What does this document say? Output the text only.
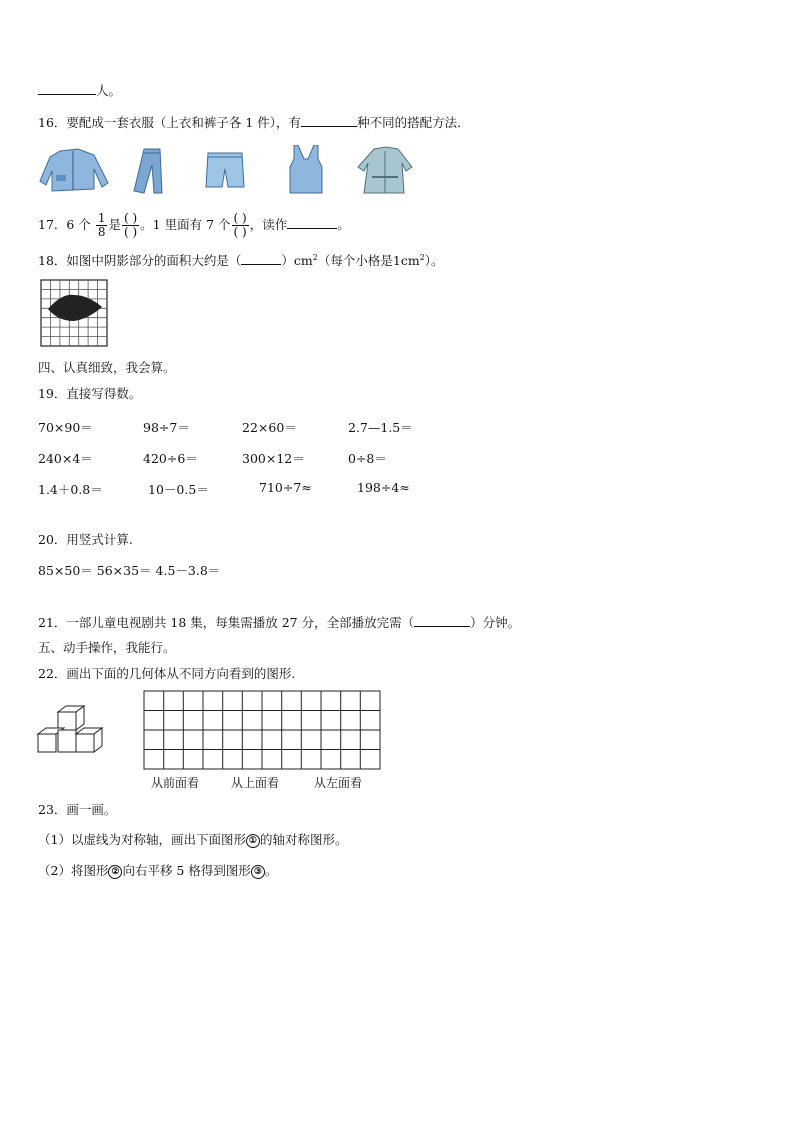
人。
16．要配成一套衣服（上衣和裤子各 1 件），有	种不同的搭配方法．
17．6 个 $\frac{1}{8}$ 是 $\frac{( )}{( )}$ 。1 里面有 7 个 $\frac{( )}{( )}$ ，读作	。
18．如图中阴影部分的面积大约是（	）$cm^2$（每个小格是$1cm^2$）。
四、认真细致，我会算。
19．直接写得数。
70×90＝	98÷7＝	22×60＝	2.7—1.5＝
240×4＝	420÷6＝	300×12＝	0÷8＝
1.4＋0.8＝	10－0.5＝	710÷7≈	198÷4≈
20．用竖式计算.
85×50＝ 56×35＝ 4.5－3.8＝
21．一部儿童电视剧共 18 集，每集需播放 27 分，全部播放完需（	）分钟。
五、动手操作，我能行。
22．画出下面的几何体从不同方向看到的图形.
从前面看	从上面看	从左面看
23．画一画。
（1）以虚线为对称轴，画出下面图形 ① 的轴对称图形。
（2）将图形 ② 向右平移 5 格得到图形 ③ 。
